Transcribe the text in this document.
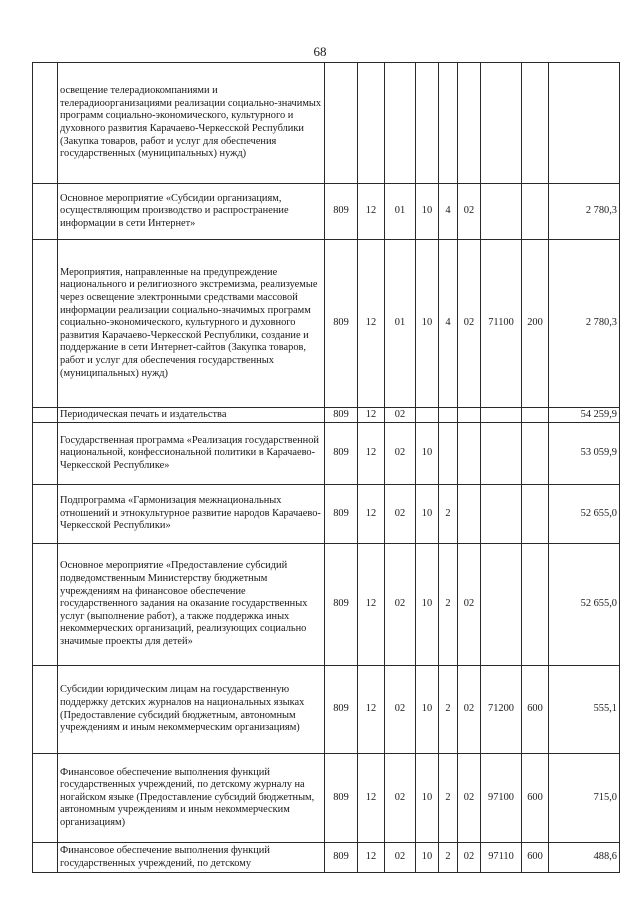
68
	освещение телерадиокомпаниями и телерадиоорганизациями реализации социально-значимых программ социально-экономического, культурного и духовного развития Карачаево-Черкесской Республики (Закупка товаров, работ и услуг для обеспечения государственных (муниципальных) нужд)									
	Основное мероприятие «Субсидии организациям, осуществляющим производство и распространение информации в сети Интернет»	809	12	01	10	4	02			2 780,3
	Мероприятия, направленные на предупреждение национального и религиозного экстремизма, реализуемые через освещение электронными средствами массовой информации реализации социально-значимых программ социально-экономического, культурного и духовного развития Карачаево-Черкесской Республики, создание и поддержание в сети Интернет-сайтов (Закупка товаров, работ и услуг для обеспечения государственных (муниципальных) нужд)	809	12	01	10	4	02	71100	200	2 780,3
	Периодическая печать и издательства	809	12	02						54 259,9
	Государственная программа «Реализация государственной национальной, конфессиональной политики в Карачаево-Черкесской Республике»	809	12	02	10					53 059,9
	Подпрограмма «Гармонизация межнациональных отношений и этнокультурное развитие народов Карачаево-Черкесской Республики»	809	12	02	10	2				52 655,0
	Основное мероприятие «Предоставление субсидий подведомственным Министерству бюджетным учреждениям на финансовое обеспечение государственного задания на оказание государственных услуг (выполнение работ), а также поддержка иных некоммерческих организаций, реализующих социально значимые проекты для детей»	809	12	02	10	2	02			52 655,0
	Субсидии юридическим лицам на государственную поддержку детских журналов на национальных языках (Предоставление субсидий бюджетным, автономным учреждениям и иным некоммерческим организациям)	809	12	02	10	2	02	71200	600	555,1
	Финансовое обеспечение выполнения функций государственных учреждений, по детскому журналу на ногайском языке (Предоставление субсидий бюджетным, автономным учреждениям и иным некоммерческим организациям)	809	12	02	10	2	02	97100	600	715,0
	Финансовое обеспечение выполнения функций государственных учреждений, по детскому	809	12	02	10	2	02	97110	600	488,6
